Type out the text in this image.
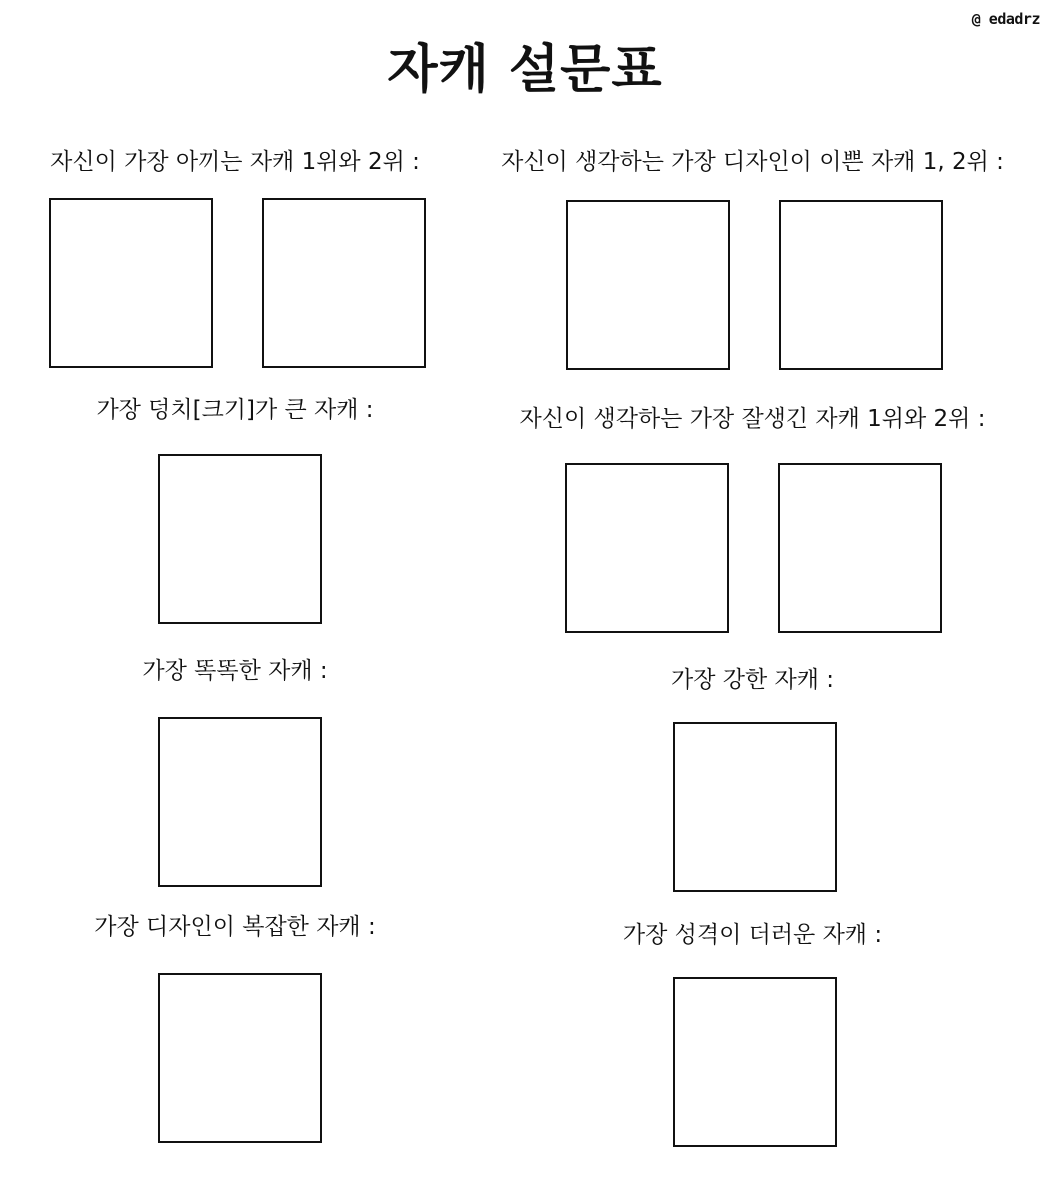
@ edadrz
자캐 설문표
자신이 가장 아끼는 자캐 1위와 2위 :	자신이 생각하는 가장 디자인이 이쁜 자캐 1, 2위 :
가장 덩치[크기]가 큰 자캐 :	자신이 생각하는 가장 잘생긴 자캐 1위와 2위 :
가장 똑똑한 자캐 :	가장 강한 자캐 :
가장 디자인이 복잡한 자캐 :	가장 성격이 더러운 자캐 :
